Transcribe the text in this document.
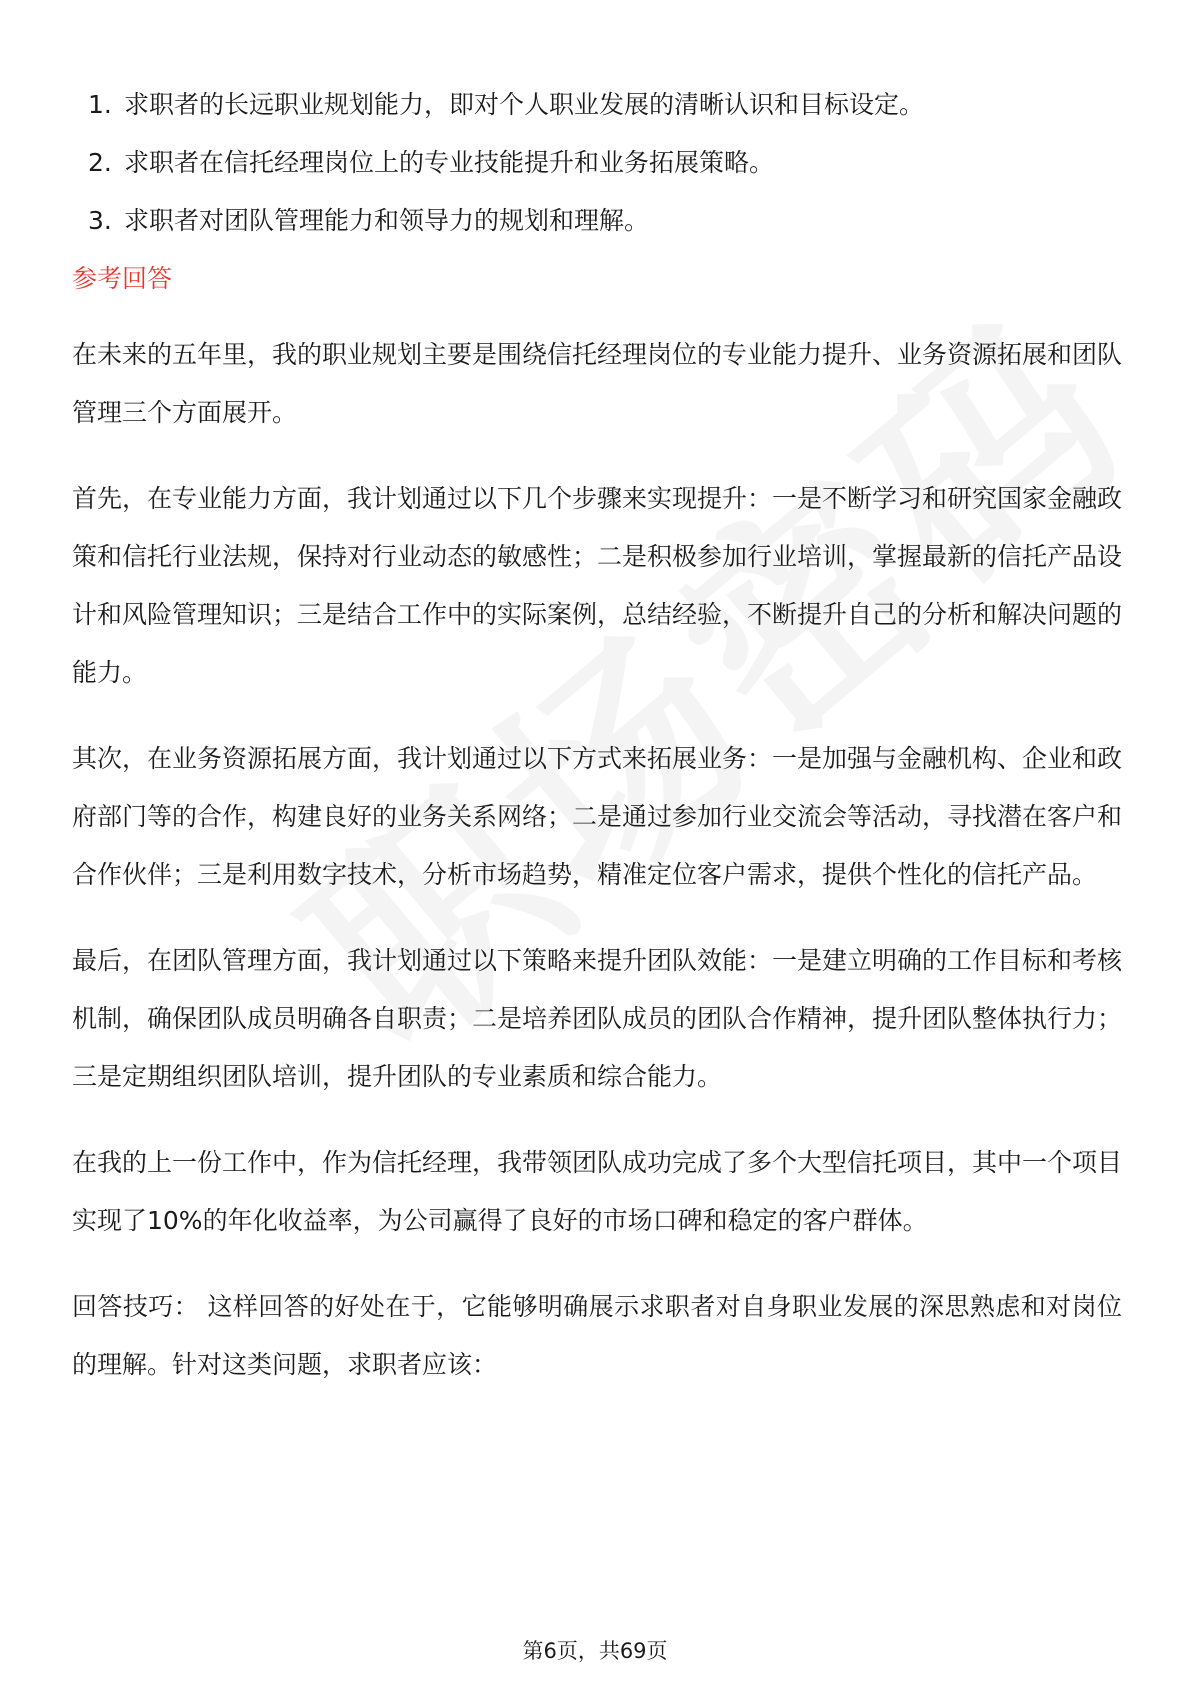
1. 求职者的长远职业规划能力，即对个人职业发展的清晰认识和目标设定。
2. 求职者在信托经理岗位上的专业技能提升和业务拓展策略。
3. 求职者对团队管理能力和领导力的规划和理解。
参考回答

在未来的五年里，我的职业规划主要是围绕信托经理岗位的专业能力提升、业务资源拓展和团队管理三个方面展开。

首先，在专业能力方面，我计划通过以下几个步骤来实现提升：一是不断学习和研究国家金融政策和信托行业法规，保持对行业动态的敏感性；二是积极参加行业培训，掌握最新的信托产品设计和风险管理知识；三是结合工作中的实际案例，总结经验，不断提升自己的分析和解决问题的能力。

其次，在业务资源拓展方面，我计划通过以下方式来拓展业务：一是加强与金融机构、企业和政府部门等的合作，构建良好的业务关系网络；二是通过参加行业交流会等活动，寻找潜在客户和合作伙伴；三是利用数字技术，分析市场趋势，精准定位客户需求，提供个性化的信托产品。

最后，在团队管理方面，我计划通过以下策略来提升团队效能：一是建立明确的工作目标和考核机制，确保团队成员明确各自职责；二是培养团队成员的团队合作精神，提升团队整体执行力；三是定期组织团队培训，提升团队的专业素质和综合能力。

在我的上一份工作中，作为信托经理，我带领团队成功完成了多个大型信托项目，其中一个项目实现了10%的年化收益率，为公司赢得了良好的市场口碑和稳定的客户群体。

回答技巧： 这样回答的好处在于，它能够明确展示求职者对自身职业发展的深思熟虑和对岗位的理解。针对这类问题，求职者应该：

第6页，共69页
